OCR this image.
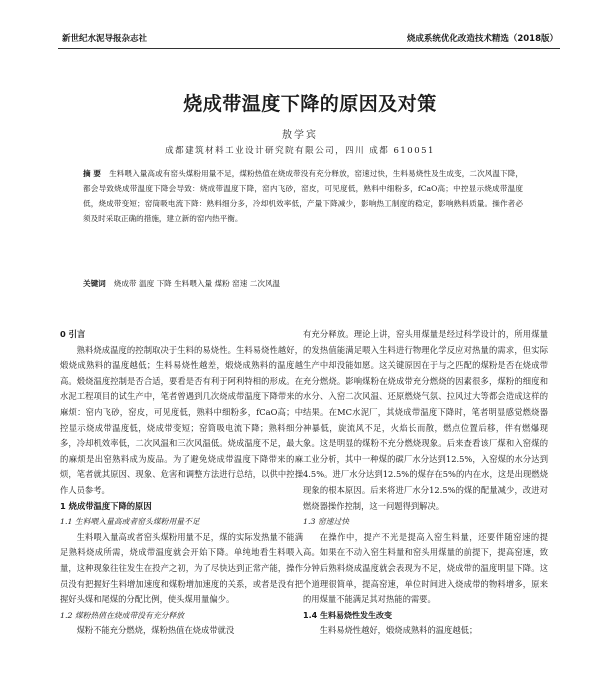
新世纪水泥导报杂志社	烧成系统优化改造技术精选（2018版）
烧成带温度下降的原因及对策
敖学宾
成都建筑材料工业设计研究院有限公司，四川 成都 610051
摘 要 生料喂入量高或有窑头煤粉用量不足，煤粉热值在烧成带没有充分释放，窑速过快，生料易烧性及生成变，二次风温下降，都会导致烧成带温度下降会导致：烧成带温度下降，窑内飞砂，窑皮，可见度低，熟料中细粉多，fCaO高；中控显示烧成带温度低，烧成带变短；窑筒吸电流下降：熟料细分多，冷却机效率低，产量下降减少，影响热工制度的稳定，影响熟料质量。操作者必须及时采取正确的措施，建立新的窑内热平衡。
关键词 烧成带 温度 下降 生料喂入量 煤粉 窑速 二次风温
0 引言

熟料烧成温度的控制取决于生料的易烧性。生料易烧性越好，煅烧成熟料的温度越低；生料易烧性越差，煅烧成熟料的温度越高。煅烧温度控制是否合适，要看是否有利于阿利特相的形成。在水泥工程项目的试生产中，笔者曾遇到几次烧成带温度下降带来的麻烦：窑内飞砂，窑皮，可见度低，熟料中细粉多，fCaO高；中控显示烧成带温度低，烧成带变短；窑筒吸电流下降；熟料细分多，冷却机效率低，二次风温和三次风温低。烧成温度不足，最大的麻烦是出窑熟料成为废品。为了避免烧成带温度下降带来的麻烦，笔者就其原因、现象、危害和调整方法进行总结，以供中控操作人员参考。

1 烧成带温度下降的原因
1.1 生料喂入量高或者窑头煤粉用量不足

生料喂入量高或者窑头煤粉用量不足，煤的实际发热量不能满足熟料烧成所需，烧成带温度就会开始下降。单纯地看生料喂入量，这种现象往往发生在投产之初，为了尽快达到正常产能，操作员没有把握好生料增加速度和煤粉增加速度的关系，或者是没有把握好头煤和尾煤的分配比例，使头煤用量偏少。

1.2 煤粉热值在烧成带没有充分释放

煤粉不能充分燃烧，煤粉热值在烧成带就没

有充分释放。理论上讲，窑头用煤量是经过科学设计的，所用煤量的发热值能满足喂入生料进行物理化学反应对热量的需求，但实际生产中却没能如愿。这关键原因在于与之匹配的煤粉是否在烧成带充分燃烧。影响煤粉在烧成带充分燃烧的因素很多，煤粉的细度和水分、入窑二次风温、还原燃烧气氛、拉风过大等都会造成这样的结果。在MC水泥厂，其烧成带温度下降时，笔者明显感觉燃烧器神暴低，旋流风不足，火焰长而散，燃点位置后移，伴有燃爆现象。这是明显的煤粉不充分燃烧现象。后来查看该厂煤和入窑煤的工业分析，其中一种煤的碳厂水分达到12.5%，入窑煤的水分达到4.5%。进厂水分达到12.5%的煤存在5%的内在水，这是出现燃烧现象的根本原因。后来将进厂水分12.5%的煤的配量减少，改进对燃烧器操作控制，这一问题得到解决。

1.3 窑速过快

在操作中，提产不光是提高入窑生料量，还要伴随窑速的提高。如果在不动入窑生料量和窑头用煤量的前提下，提高窑速，致分钟后熟料烧成温度就会表现为不足，烧成带的温度明显下降。这个道理很简单，提高窑速，单位时间进入烧成带的物料增多，原来的用煤量不能满足其对热能的需要。

1.4 生料易烧性发生改变

生料易烧性越好，煅烧成熟料的温度越低；
